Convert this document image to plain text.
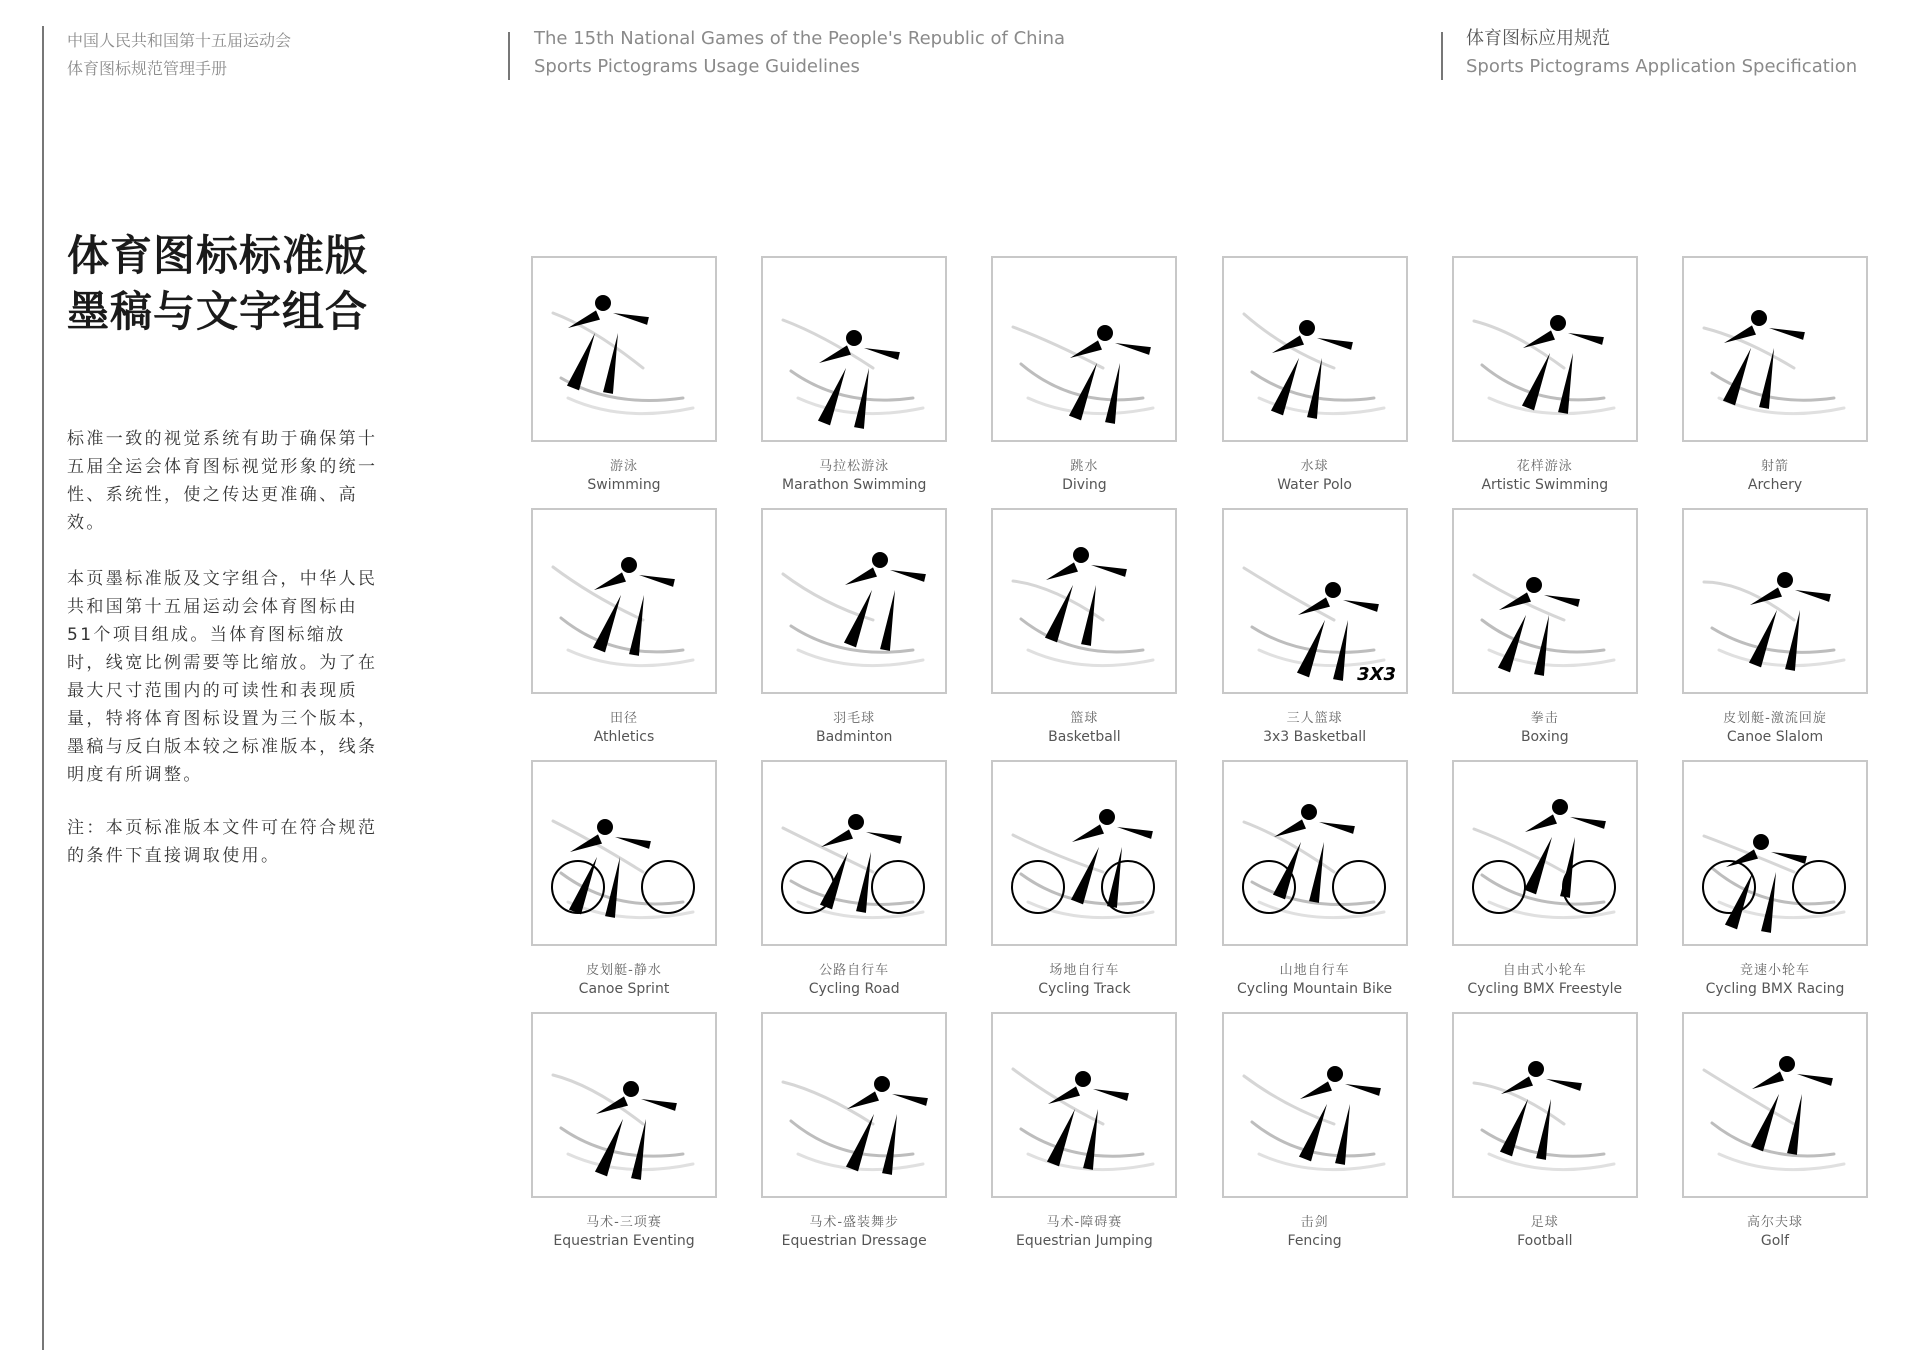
中国人民共和国第十五届运动会
体育图标规范管理手册
The 15th National Games of the People's Republic of China
Sports Pictograms Usage Guidelines
体育图标应用规范
Sports Pictograms Application Specification
体育图标标准版
墨稿与文字组合
标准一致的视觉系统有助于确保第十五届全运会体育图标视觉形象的统一性、系统性，使之传达更准确、高效。
本页墨标准版及文字组合，中华人民共和国第十五届运动会体育图标由51个项目组成。当体育图标缩放时，线宽比例需要等比缩放。为了在最大尺寸范围内的可读性和表现质量，特将体育图标设置为三个版本，墨稿与反白版本较之标准版本，线条明度有所调整。
注：本页标准版本文件可在符合规范的条件下直接调取使用。
游泳
Swimming
马拉松游泳
Marathon Swimming
跳水
Diving
水球
Water Polo
花样游泳
Artistic Swimming
射箭
Archery
田径
Athletics
羽毛球
Badminton
篮球
Basketball
3X3
三人篮球
3x3 Basketball
拳击
Boxing
皮划艇-激流回旋
Canoe Slalom
皮划艇-静水
Canoe Sprint
公路自行车
Cycling Road
场地自行车
Cycling Track
山地自行车
Cycling Mountain Bike
自由式小轮车
Cycling BMX Freestyle
竞速小轮车
Cycling BMX Racing
马术-三项赛
Equestrian Eventing
马术-盛装舞步
Equestrian Dressage
马术-障碍赛
Equestrian Jumping
击剑
Fencing
足球
Football
高尔夫球
Golf
